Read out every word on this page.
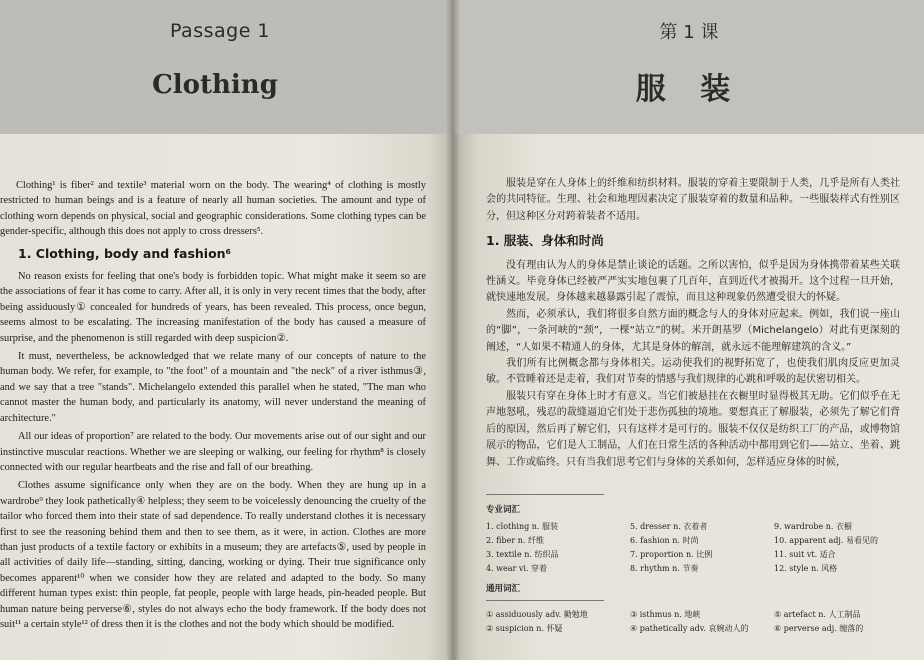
Passage 1
Clothing

Clothing¹ is fiber² and textile³ material worn on the body. The wearing⁴ of clothing is mostly restricted to human beings and is a feature of nearly all human societies. The amount and type of clothing worn depends on physical, social and geographic considerations. Some clothing types can be gender-specific, although this does not apply to cross dressers⁵.

1. Clothing, body and fashion⁶

No reason exists for feeling that one's body is forbidden topic. What might make it seem so are the associations of fear it has come to carry. After all, it is only in very recent times that the body, after being assiduously① concealed for hundreds of years, has been revealed. This process, once begun, seems almost to be escalating. The increasing manifestation of the body has caused a measure of surprise, and the phenomenon is still regarded with deep suspicion②.

It must, nevertheless, be acknowledged that we relate many of our concepts of nature to the human body. We refer, for example, to "the foot" of a mountain and "the neck" of a river isthmus③, and we say that a tree "stands". Michelangelo extended this parallel when he stated, "The man who cannot master the human body, and particularly its anatomy, will never understand the meaning of architecture."

All our ideas of proportion⁷ are related to the body. Our movements arise out of our sight and our instinctive muscular reactions. Whether we are sleeping or walking, our feeling for rhythm⁸ is closely connected with our regular heartbeats and the rise and fall of our breathing.

Clothes assume significance only when they are on the body. When they are hung up in a wardrobe⁹ they look pathetically④ helpless; they seem to be voicelessly denouncing the cruelty of the tailor who forced them into their state of sad dependence. To really understand clothes it is necessary first to see the reasoning behind them and then to see them, as it were, in action. Clothes are more than just products of a textile factory or exhibits in a museum; they are artefacts⑤, used by people in all activities of daily life—standing, sitting, dancing, working or dying. Their true significance only becomes apparent¹⁰ when we consider how they are related and adapted to the body. So many different human types exist: thin people, fat people, people with large heads, pin-headed people. But human nature being perverse⑥, styles do not always echo the body framework. If the body does not suit¹¹ a certain style¹² of dress then it is the clothes and not the body which should be modified.

第 1 课
服 装

服装是穿在人身体上的纤维和纺织材料。服装的穿着主要限制于人类，几乎是所有人类社会的共同特征。生理、社会和地理因素决定了服装穿着的数量和品种。一些服装样式有性别区分，但这种区分对跨着装者不适用。

1. 服装、身体和时尚

没有理由认为人的身体是禁止谈论的话题。之所以害怕，似乎是因为身体携带着某些关联性涵义。毕竟身体已经被严严实实地包裹了几百年，直到近代才被揭开。这个过程一旦开始，就快速地发展。身体越来越暴露引起了震惊，而且这种现象仍然遭受很大的怀疑。

然而，必须承认，我们将很多自然方面的概念与人的身体对应起来。例如，我们说一座山的“脚”，一条河峡的“颈”，一棵“站立”的树。米开朗基罗（Michelangelo）对此有更深刻的阐述，“人如果不精通人的身体，尤其是身体的解剖，就永远不能理解建筑的含义。”

我们所有比例概念都与身体相关。运动使我们的视野拓宽了，也使我们肌肉反应更加灵敏。不管睡着还是走着，我们对节奏的情感与我们规律的心跳和呼吸的起伏密切相关。

服装只有穿在身体上时才有意义。当它们被悬挂在衣橱里时显得极其无助。它们似乎在无声地怒吼，残忍的裁缝逼迫它们处于悲伤孤独的境地。要想真正了解服装，必须先了解它们背后的原因，然后再了解它们，只有这样才是可行的。服装不仅仅是纺织工厂的产品，或博物馆展示的物品，它们是人工制品，人们在日常生活的各种活动中都用到它们——站立、坐着、跳舞、工作或临终。只有当我们思考它们与身体的关系如何，怎样适应身体的时候，

专业词汇
1. clothing n. 服装	5. dresser n. 衣着者	9. wardrobe n. 衣橱
2. fiber n. 纤维	6. fashion n. 时尚	10. apparent adj. 易看见的
3. textile n. 纺织品	7. proportion n. 比例	11. suit vt. 适合
4. wear vi. 穿着	8. rhythm n. 节奏	12. style n. 风格
通用词汇
① assiduously adv. 勤勉地	③ isthmus n. 地峡	⑤ artefact n. 人工制品
② suspicion n. 怀疑	④ pathetically adv. 哀婉动人的	⑥ perverse adj. 缠落的
